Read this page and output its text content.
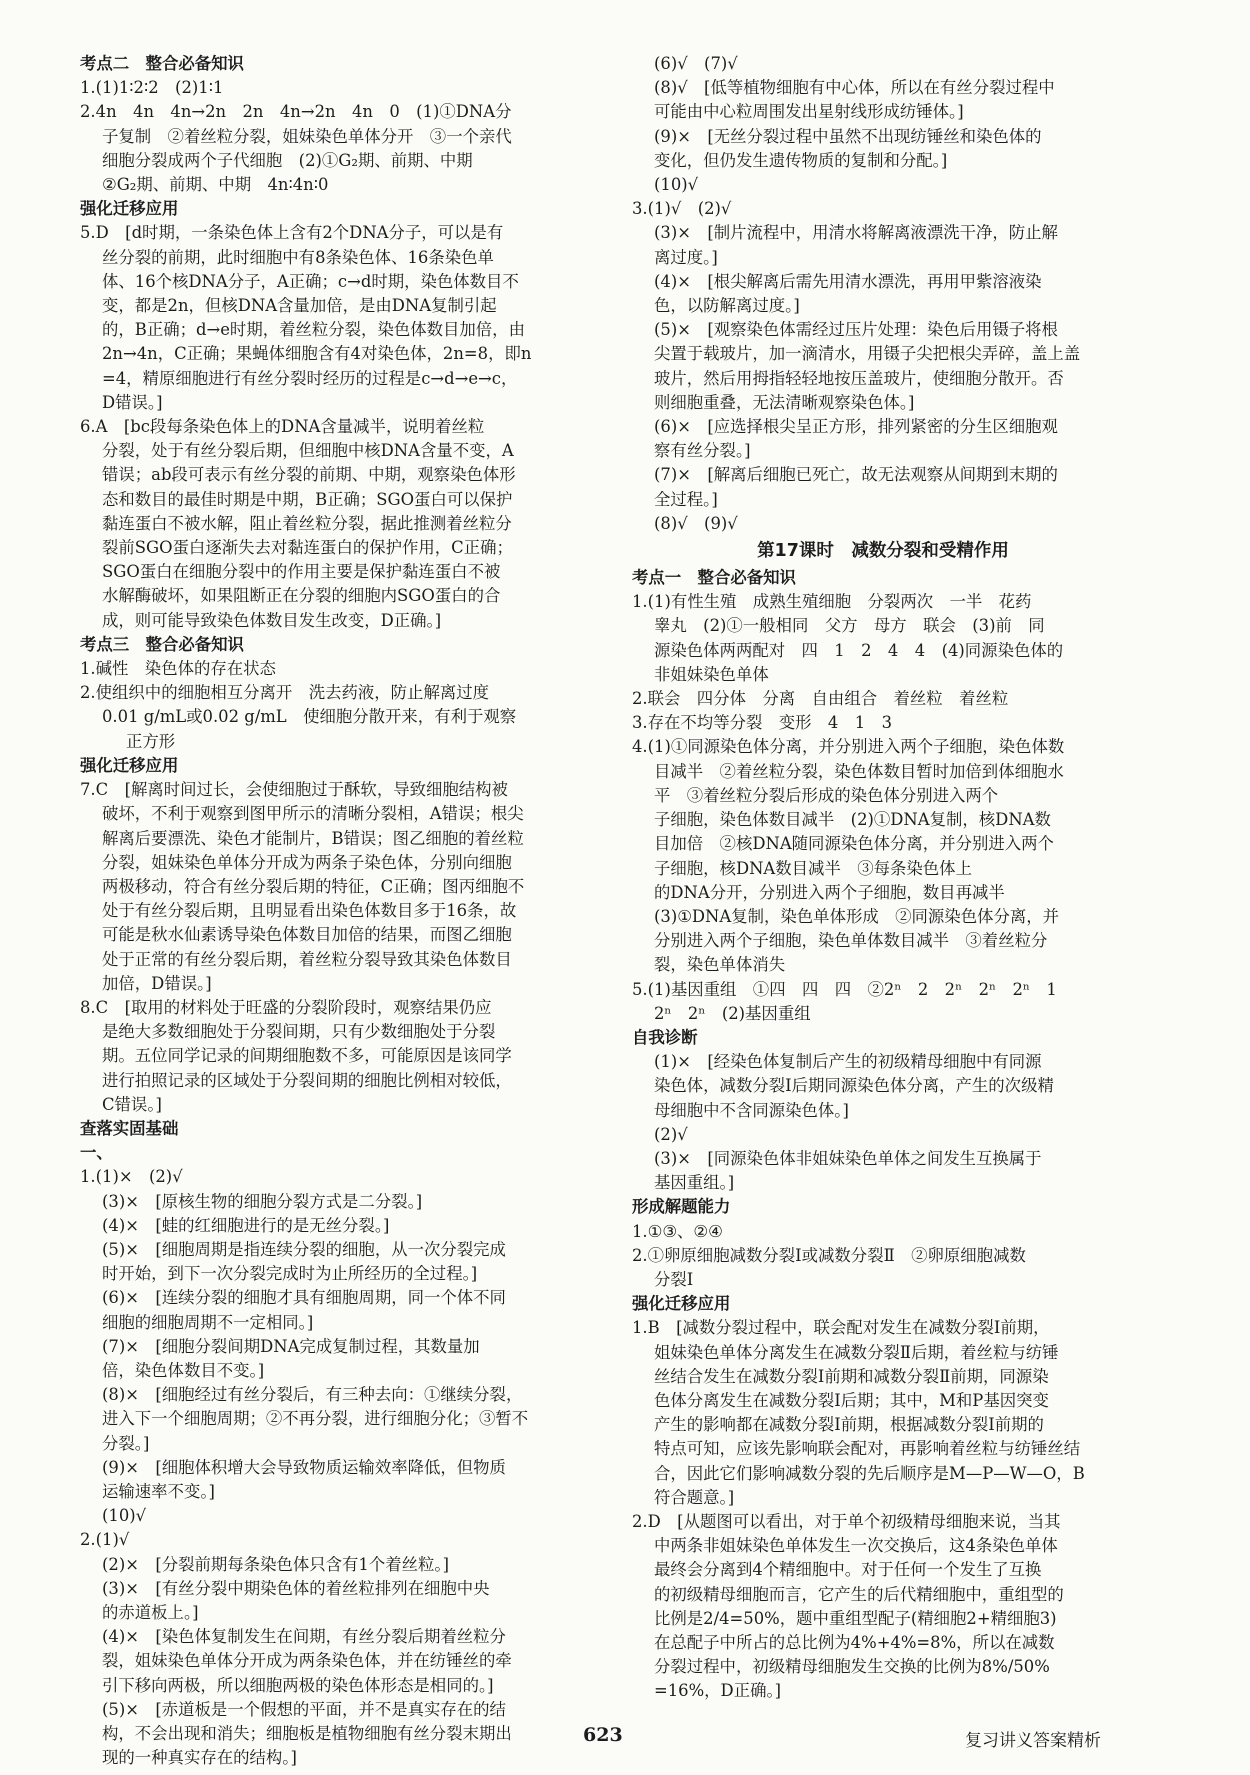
考点二　整合必备知识
1.(1)1∶2∶2　(2)1∶1
2.4n　4n　4n→2n　2n　4n→2n　4n　0　(1)①DNA分
子复制　②着丝粒分裂，姐妹染色单体分开　③一个亲代
细胞分裂成两个子代细胞　(2)①G₂期、前期、中期
②G₂期、前期、中期　4n∶4n∶0
强化迁移应用
5.D　[d时期，一条染色体上含有2个DNA分子，可以是有
丝分裂的前期，此时细胞中有8条染色体、16条染色单
体、16个核DNA分子，A正确；c→d时期，染色体数目不
变，都是2n，但核DNA含量加倍，是由DNA复制引起
的，B正确；d→e时期，着丝粒分裂，染色体数目加倍，由
2n→4n，C正确；果蝇体细胞含有4对染色体，2n=8，即n
=4，精原细胞进行有丝分裂时经历的过程是c→d→e→c，
D错误。]
6.A　[bc段每条染色体上的DNA含量减半，说明着丝粒
分裂，处于有丝分裂后期，但细胞中核DNA含量不变，A
错误；ab段可表示有丝分裂的前期、中期，观察染色体形
态和数目的最佳时期是中期，B正确；SGO蛋白可以保护
黏连蛋白不被水解，阻止着丝粒分裂，据此推测着丝粒分
裂前SGO蛋白逐渐失去对黏连蛋白的保护作用，C正确；
SGO蛋白在细胞分裂中的作用主要是保护黏连蛋白不被
水解酶破坏，如果阻断正在分裂的细胞内SGO蛋白的合
成，则可能导致染色体数目发生改变，D正确。]
考点三　整合必备知识
1.碱性　染色体的存在状态
2.使组织中的细胞相互分离开　洗去药液，防止解离过度
0.01 g/mL或0.02 g/mL　使细胞分散开来，有利于观察
正方形
强化迁移应用
7.C　[解离时间过长，会使细胞过于酥软，导致细胞结构被
破坏，不利于观察到图甲所示的清晰分裂相，A错误；根尖
解离后要漂洗、染色才能制片，B错误；图乙细胞的着丝粒
分裂，姐妹染色单体分开成为两条子染色体，分别向细胞
两极移动，符合有丝分裂后期的特征，C正确；图丙细胞不
处于有丝分裂后期，且明显看出染色体数目多于16条，故
可能是秋水仙素诱导染色体数目加倍的结果，而图乙细胞
处于正常的有丝分裂后期，着丝粒分裂导致其染色体数目
加倍，D错误。]
8.C　[取用的材料处于旺盛的分裂阶段时，观察结果仍应
是绝大多数细胞处于分裂间期，只有少数细胞处于分裂
期。五位同学记录的间期细胞数不多，可能原因是该同学
进行拍照记录的区域处于分裂间期的细胞比例相对较低，
C错误。]
查落实固基础
一、
1.(1)×　(2)√
(3)×　[原核生物的细胞分裂方式是二分裂。]
(4)×　[蛙的红细胞进行的是无丝分裂。]
(5)×　[细胞周期是指连续分裂的细胞，从一次分裂完成
时开始，到下一次分裂完成时为止所经历的全过程。]
(6)×　[连续分裂的细胞才具有细胞周期，同一个体不同
细胞的细胞周期不一定相同。]
(7)×　[细胞分裂间期DNA完成复制过程，其数量加
倍，染色体数目不变。]
(8)×　[细胞经过有丝分裂后，有三种去向：①继续分裂，
进入下一个细胞周期；②不再分裂，进行细胞分化；③暂不
分裂。]
(9)×　[细胞体积增大会导致物质运输效率降低，但物质
运输速率不变。]
(10)√
2.(1)√
(2)×　[分裂前期每条染色体只含有1个着丝粒。]
(3)×　[有丝分裂中期染色体的着丝粒排列在细胞中央
的赤道板上。]
(4)×　[染色体复制发生在间期，有丝分裂后期着丝粒分
裂，姐妹染色单体分开成为两条染色体，并在纺锤丝的牵
引下移向两极，所以细胞两极的染色体形态是相同的。]
(5)×　[赤道板是一个假想的平面，并不是真实存在的结
构，不会出现和消失；细胞板是植物细胞有丝分裂末期出
现的一种真实存在的结构。]
(6)√　(7)√
(8)√　[低等植物细胞有中心体，所以在有丝分裂过程中
可能由中心粒周围发出星射线形成纺锤体。]
(9)×　[无丝分裂过程中虽然不出现纺锤丝和染色体的
变化，但仍发生遗传物质的复制和分配。]
(10)√
3.(1)√　(2)√
(3)×　[制片流程中，用清水将解离液漂洗干净，防止解
离过度。]
(4)×　[根尖解离后需先用清水漂洗，再用甲紫溶液染
色，以防解离过度。]
(5)×　[观察染色体需经过压片处理：染色后用镊子将根
尖置于载玻片，加一滴清水，用镊子尖把根尖弄碎，盖上盖
玻片，然后用拇指轻轻地按压盖玻片，使细胞分散开。否
则细胞重叠，无法清晰观察染色体。]
(6)×　[应选择根尖呈正方形，排列紧密的分生区细胞观
察有丝分裂。]
(7)×　[解离后细胞已死亡，故无法观察从间期到末期的
全过程。]
(8)√　(9)√
第17课时　减数分裂和受精作用
考点一　整合必备知识
1.(1)有性生殖　成熟生殖细胞　分裂两次　一半　花药
睾丸　(2)①一般相同　父方　母方　联会　(3)前　同
源染色体两两配对　四　1　2　4　4　(4)同源染色体的
非姐妹染色单体
2.联会　四分体　分离　自由组合　着丝粒　着丝粒
3.存在不均等分裂　变形　4　1　3
4.(1)①同源染色体分离，并分别进入两个子细胞，染色体数
目减半　②着丝粒分裂，染色体数目暂时加倍到体细胞水
平　③着丝粒分裂后形成的染色体分别进入两个
子细胞，染色体数目减半　(2)①DNA复制，核DNA数
目加倍　②核DNA随同源染色体分离，并分别进入两个
子细胞，核DNA数目减半　③每条染色体上
的DNA分开，分别进入两个子细胞，数目再减半
(3)①DNA复制，染色单体形成　②同源染色体分离，并
分别进入两个子细胞，染色单体数目减半　③着丝粒分
裂，染色单体消失
5.(1)基因重组　①四　四　四　②2ⁿ　2　2ⁿ　2ⁿ　2ⁿ　1
2ⁿ　2ⁿ　(2)基因重组
自我诊断
(1)×　[经染色体复制后产生的初级精母细胞中有同源
染色体，减数分裂Ⅰ后期同源染色体分离，产生的次级精
母细胞中不含同源染色体。]
(2)√
(3)×　[同源染色体非姐妹染色单体之间发生互换属于
基因重组。]
形成解题能力
1.①③、②④
2.①卵原细胞减数分裂Ⅰ或减数分裂Ⅱ　②卵原细胞减数
分裂Ⅰ
强化迁移应用
1.B　[减数分裂过程中，联会配对发生在减数分裂Ⅰ前期，
姐妹染色单体分离发生在减数分裂Ⅱ后期，着丝粒与纺锤
丝结合发生在减数分裂Ⅰ前期和减数分裂Ⅱ前期，同源染
色体分离发生在减数分裂Ⅰ后期；其中，M和P基因突变
产生的影响都在减数分裂Ⅰ前期，根据减数分裂Ⅰ前期的
特点可知，应该先影响联会配对，再影响着丝粒与纺锤丝结
合，因此它们影响减数分裂的先后顺序是M—P—W—O，B
符合题意。]
2.D　[从题图可以看出，对于单个初级精母细胞来说，当其
中两条非姐妹染色单体发生一次交换后，这4条染色单体
最终会分离到4个精细胞中。对于任何一个发生了互换
的初级精母细胞而言，它产生的后代精细胞中，重组型的
比例是2/4=50%，题中重组型配子(精细胞2+精细胞3)
在总配子中所占的总比例为4%+4%=8%，所以在减数
分裂过程中，初级精母细胞发生交换的比例为8%/50%
=16%，D正确。]
623	复习讲义答案精析
